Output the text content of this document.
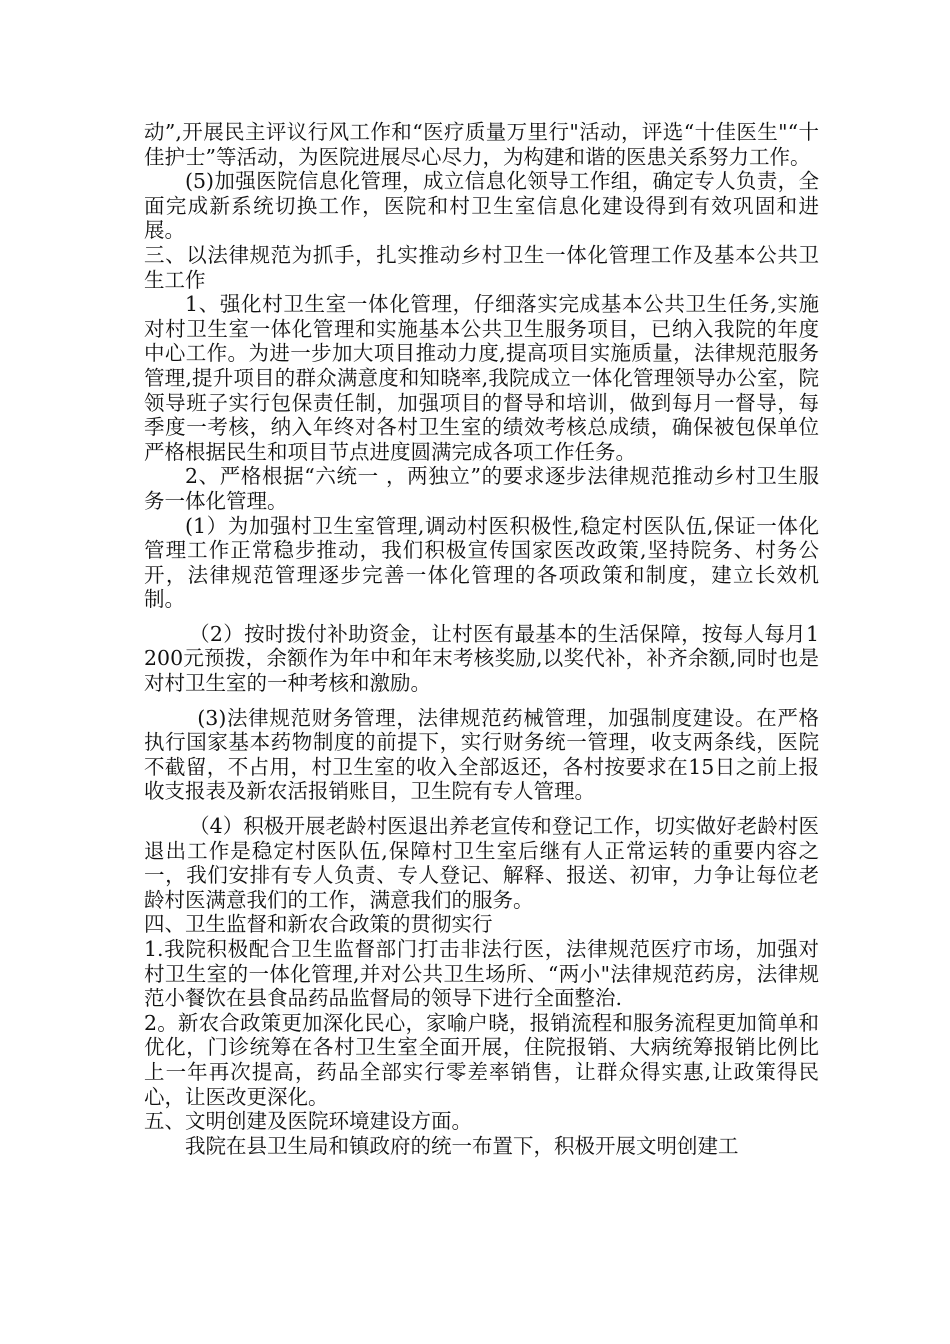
动”,开展民主评议行风工作和“医疗质量万里行"活动，评选“十佳医生"“十佳护士”等活动，为医院进展尽心尽力，为构建和谐的医患关系努力工作。

(5)加强医院信息化管理，成立信息化领导工作组，确定专人负责，全面完成新系统切换工作，医院和村卫生室信息化建设得到有效巩固和进展。

三、以法律规范为抓手，扎实推动乡村卫生一体化管理工作及基本公共卫生工作

1、强化村卫生室一体化管理，仔细落实完成基本公共卫生任务,实施对村卫生室一体化管理和实施基本公共卫生服务项目，已纳入我院的年度中心工作。为进一步加大项目推动力度,提高项目实施质量，法律规范服务管理,提升项目的群众满意度和知晓率,我院成立一体化管理领导办公室，院领导班子实行包保责任制，加强项目的督导和培训，做到每月一督导，每季度一考核，纳入年终对各村卫生室的绩效考核总成绩，确保被包保单位严格根据民生和项目节点进度圆满完成各项工作任务。

2、严格根据“六统一 ，两独立”的要求逐步法律规范推动乡村卫生服务一体化管理。

(1）为加强村卫生室管理,调动村医积极性,稳定村医队伍,保证一体化管理工作正常稳步推动，我们积极宣传国家医改政策,坚持院务、村务公开，法律规范管理逐步完善一体化管理的各项政策和制度，建立长效机制。

（2）按时拨付补助资金，让村医有最基本的生活保障，按每人每月1200元预拨，余额作为年中和年末考核奖励,以奖代补，补齐余额,同时也是对村卫生室的一种考核和激励。

(3)法律规范财务管理，法律规范药械管理，加强制度建设。在严格执行国家基本药物制度的前提下，实行财务统一管理，收支两条线，医院不截留，不占用，村卫生室的收入全部返还，各村按要求在15日之前上报收支报表及新农活报销账目，卫生院有专人管理。

（4）积极开展老龄村医退出养老宣传和登记工作，切实做好老龄村医退出工作是稳定村医队伍,保障村卫生室后继有人正常运转的重要内容之一，我们安排有专人负责、专人登记、解释、报送、初审，力争让每位老龄村医满意我们的工作，满意我们的服务。

四、卫生监督和新农合政策的贯彻实行

1.我院积极配合卫生监督部门打击非法行医，法律规范医疗市场，加强对村卫生室的一体化管理,并对公共卫生场所、“两小"法律规范药房，法律规范小餐饮在县食品药品监督局的领导下进行全面整治.

2。新农合政策更加深化民心，家喻户晓，报销流程和服务流程更加简单和优化，门诊统筹在各村卫生室全面开展，住院报销、大病统筹报销比例比上一年再次提高，药品全部实行零差率销售，让群众得实惠,让政策得民心，让医改更深化。

五、文明创建及医院环境建设方面。

我院在县卫生局和镇政府的统一布置下，积极开展文明创建工
